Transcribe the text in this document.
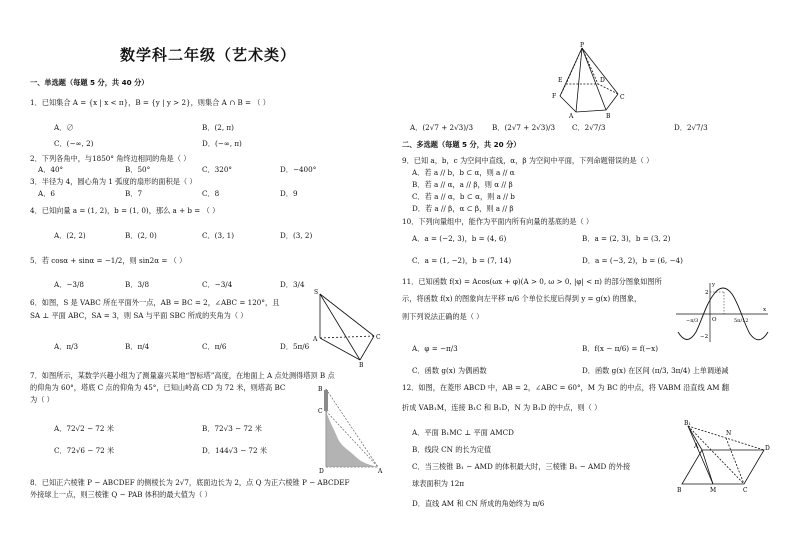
数学科二年级（艺术类）
一、单选题（每题 5 分，共 40 分）
1．已知集合 A = {x | x < π}，B = {y | y > 2}，则集合 A ∩ B = （ ）
A．∅	B．(2, π)
C．(−∞, 2)	D．(−∞, π)
2．下列各角中，与1850° 角终边相同的角是（ ）
A．40°	B．50°	C．320°	D．−400°
3．半径为 4，圆心角为 1 弧度的扇形的面积是（ ）
A．6	B．7	C．8	D．9
4．已知向量 a = (1, 2)，b = (1, 0)，那么 a + b = （ ）
A．(2, 2)	B．(2, 0)	C．(3, 1)	D．(3, 2)
5．若 cosα + sinα = −1/2，则 sin2α = （ ）
A．−3/8	B．3/8	C．−3/4	D．3/4
6．如图，S 是 VABC 所在平面外一点，AB = BC = 2，∠ABC = 120°，且
SA ⊥ 平面 ABC，SA = 3，则 SA 与平面 SBC 所成的夹角为（ ）
A．π/3	B．π/4	C．π/6	D．5π/6
S
A
B
C
7．如图所示，某数学兴趣小组为了测量嘉兴某地“智标塔”高度，在地面上 A 点处测得塔顶 B 点
的仰角为 60°，塔底 C 点的仰角为 45°，已知山岭高 CD 为 72 米，则塔高 BC
为（ ）
A．72√2 − 72 米	B．72√3 − 72 米
C．72√6 − 72 米	D．144√3 − 72 米
B
C
D	A
8．已知正六棱锥 P − ABCDEF 的侧棱长为 2√7，底面边长为 2，点 Q 为正六棱锥 P − ABCDEF
外接球上一点，则三棱锥 Q − PAB 体积的最大值为（ ）
P
A	B
C
D
E
F
A．(2√7 + 2√3)/3	B．(2√7 + 2√3)/3 C．2√7/3	D．2√7/3
二、多选题（每题 5 分，共 20 分）
9．已知 a，b，c 为空间中直线，α，β 为空间中平面，下列命题错误的是（ ）
A．若 a // b，b ⊂ α，则 a // α
B．若 a // α，a // β，则 α // β
C．若 a // α，b ⊂ α，则 a // b
D．若 a // β，α ⊂ β，则 a // β
10．下列向量组中，能作为平面内所有向量的基底的是（ ）
A．a = (−2, 3)，b = (4, 6)	B．a = (2, 3)，b = (3, 2)
C．a = (1, −2)，b = (7, 14)	D．a = (−3, 2)，b = (6, −4)
11．已知函数 f(x) = Acos(ωx + φ)(A > 0, ω > 0, |φ| < π) 的部分图象如图所
示，将函数 f(x) 的图象向左平移 π/6 个单位长度后得到 y = g(x) 的图象，
则下列说法正确的是（ ）
A．φ = −π/3	B．f(x − π/6) = f(−x)
C．函数 g(x) 为偶函数	D．函数 g(x) 在区间 (π/3, 3π/4) 上单调递减
y
2
O
x
−2
−π/3	5π/12
12．如图，在菱形 ABCD 中，AB = 2，∠ABC = 60°，M 为 BC 的中点，将 VABM 沿直线 AM 翻
折成 VAB₁M，连接 B₁C 和 B₁D，N 为 B₁D 的中点，则（ ）
A．平面 B₁MC ⊥ 平面 AMCD
B．线段 CN 的长为定值
C．当三棱锥 B₁ − AMD 的体积最大时，三棱锥 B₁ − AMD 的外接
球表面积为 12π
D．直线 AM 和 CN 所成的角始终为 π/6
B₁
N
A	D
B	M	C
